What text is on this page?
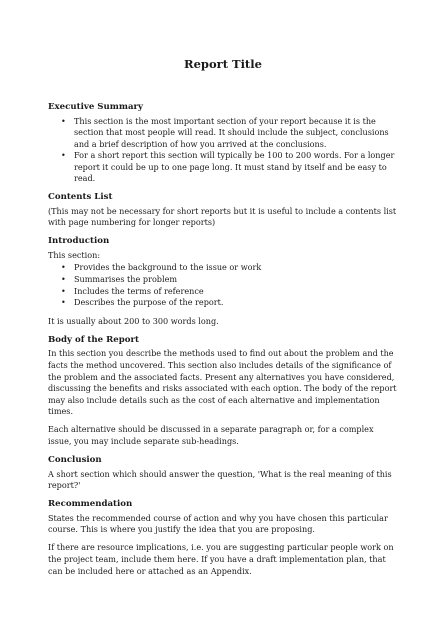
Report Title
Executive Summary
• This section is the most important section of your report because it is the section that most people will read. It should include the subject, conclusions and a brief description of how you arrived at the conclusions.
• For a short report this section will typically be 100 to 200 words. For a longer report it could be up to one page long. It must stand by itself and be easy to read.
Contents List
(This may not be necessary for short reports but it is useful to include a contents list with page numbering for longer reports)
Introduction
This section:
• Provides the background to the issue or work
• Summarises the problem
• Includes the terms of reference
• Describes the purpose of the report.
It is usually about 200 to 300 words long.
Body of the Report
In this section you describe the methods used to find out about the problem and the facts the method uncovered. This section also includes details of the significance of the problem and the associated facts. Present any alternatives you have considered, discussing the benefits and risks associated with each option. The body of the report may also include details such as the cost of each alternative and implementation times.
Each alternative should be discussed in a separate paragraph or, for a complex issue, you may include separate sub-headings.
Conclusion
A short section which should answer the question, 'What is the real meaning of this report?'
Recommendation
States the recommended course of action and why you have chosen this particular course. This is where you justify the idea that you are proposing.
If there are resource implications, i.e. you are suggesting particular people work on the project team, include them here. If you have a draft implementation plan, that can be included here or attached as an Appendix.
